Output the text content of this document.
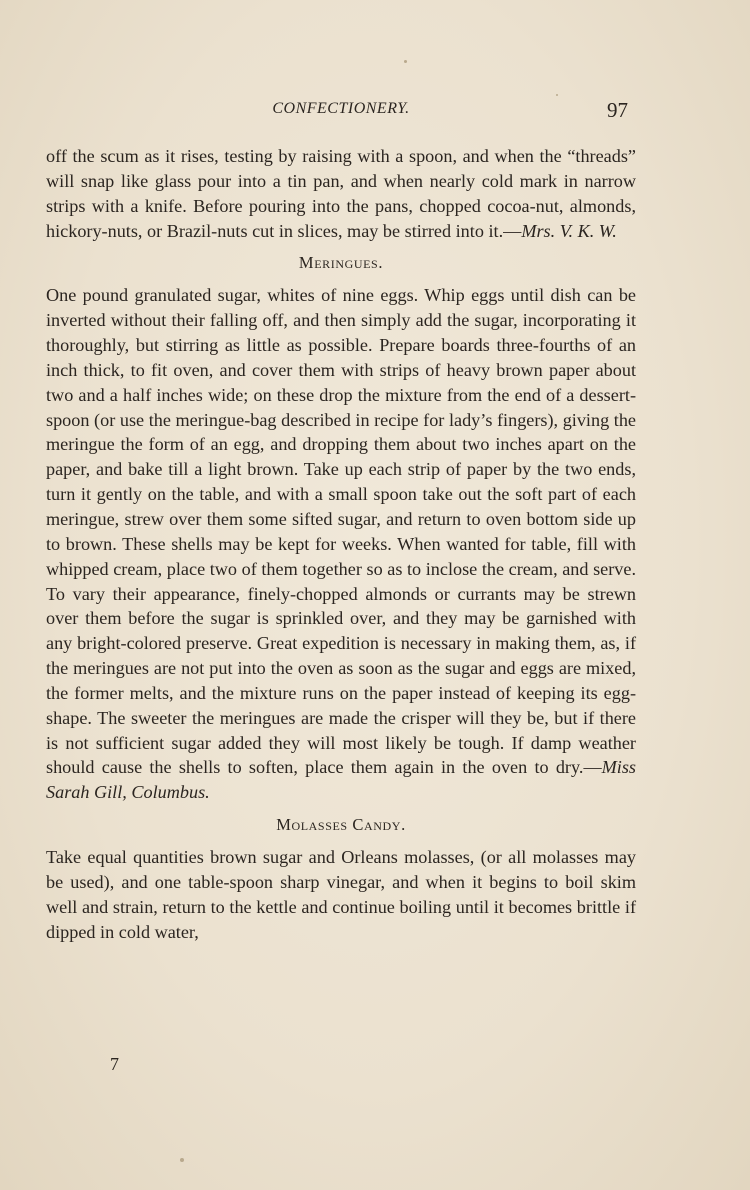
CONFECTIONERY.	97

off the scum as it rises, testing by raising with a spoon, and when the “threads” will snap like glass pour into a tin pan, and when nearly cold mark in narrow strips with a knife. Before pouring into the pans, chopped cocoa-nut, almonds, hickory-nuts, or Brazil-nuts cut in slices, may be stirred into it.—Mrs. V. K. W.

Meringues.

One pound granulated sugar, whites of nine eggs. Whip eggs until dish can be inverted without their falling off, and then simply add the sugar, incorporating it thoroughly, but stirring as little as possible. Prepare boards three-fourths of an inch thick, to fit oven, and cover them with strips of heavy brown paper about two and a half inches wide; on these drop the mixture from the end of a dessert-spoon (or use the meringue-bag described in recipe for lady’s fingers), giving the meringue the form of an egg, and dropping them about two inches apart on the paper, and bake till a light brown. Take up each strip of paper by the two ends, turn it gently on the table, and with a small spoon take out the soft part of each meringue, strew over them some sifted sugar, and return to oven bottom side up to brown. These shells may be kept for weeks. When wanted for table, fill with whipped cream, place two of them together so as to inclose the cream, and serve. To vary their appearance, finely-chopped almonds or currants may be strewn over them before the sugar is sprinkled over, and they may be garnished with any bright-colored preserve. Great expedition is necessary in making them, as, if the meringues are not put into the oven as soon as the sugar and eggs are mixed, the former melts, and the mixture runs on the paper instead of keeping its egg-shape. The sweeter the meringues are made the crisper will they be, but if there is not sufficient sugar added they will most likely be tough. If damp weather should cause the shells to soften, place them again in the oven to dry.—Miss Sarah Gill, Columbus.

Molasses Candy.

Take equal quantities brown sugar and Orleans molasses, (or all molasses may be used), and one table-spoon sharp vinegar, and when it begins to boil skim well and strain, return to the kettle and continue boiling until it becomes brittle if dipped in cold water,

7
